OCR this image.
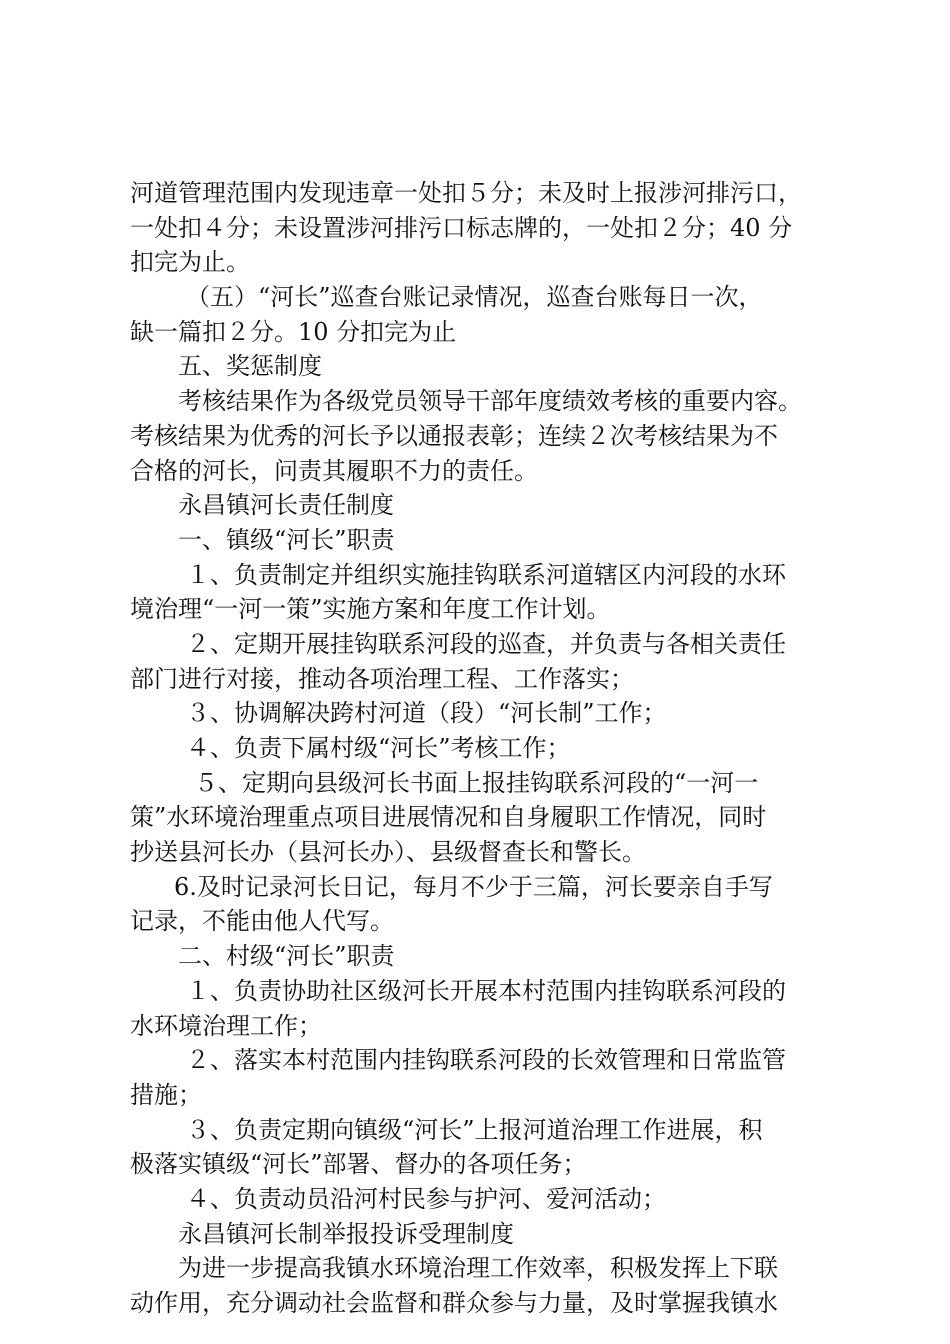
河道管理范围内发现违章一处扣５分；未及时上报涉河排污口，
一处扣４分；未设置涉河排污口标志牌的，一处扣２分；40 分
扣完为止。
（五）“河长”巡查台账记录情况，巡查台账每日一次，
缺一篇扣２分。10 分扣完为止
五、奖惩制度
考核结果作为各级党员领导干部年度绩效考核的重要内容。
考核结果为优秀的河长予以通报表彰；连续２次考核结果为不
合格的河长，问责其履职不力的责任。
永昌镇河长责任制度
一、镇级“河长”职责
１、负责制定并组织实施挂钩联系河道辖区内河段的水环
境治理“一河一策”实施方案和年度工作计划。
２、定期开展挂钩联系河段的巡查，并负责与各相关责任
部门进行对接，推动各项治理工程、工作落实；
３、协调解决跨村河道（段）“河长制”工作；
４、负责下属村级“河长”考核工作；
５、定期向县级河长书面上报挂钩联系河段的“一河一
策”水环境治理重点项目进展情况和自身履职工作情况，同时
抄送县河长办（县河长办）、县级督查长和警长。
6.及时记录河长日记，每月不少于三篇，河长要亲自手写
记录，不能由他人代写。
二、村级“河长”职责
１、负责协助社区级河长开展本村范围内挂钩联系河段的
水环境治理工作；
２、落实本村范围内挂钩联系河段的长效管理和日常监管
措施；
３、负责定期向镇级“河长”上报河道治理工作进展，积
极落实镇级“河长”部署、督办的各项任务；
４、负责动员沿河村民参与护河、爱河活动；
永昌镇河长制举报投诉受理制度
为进一步提高我镇水环境治理工作效率，积极发挥上下联
动作用，充分调动社会监督和群众参与力量，及时掌握我镇水
